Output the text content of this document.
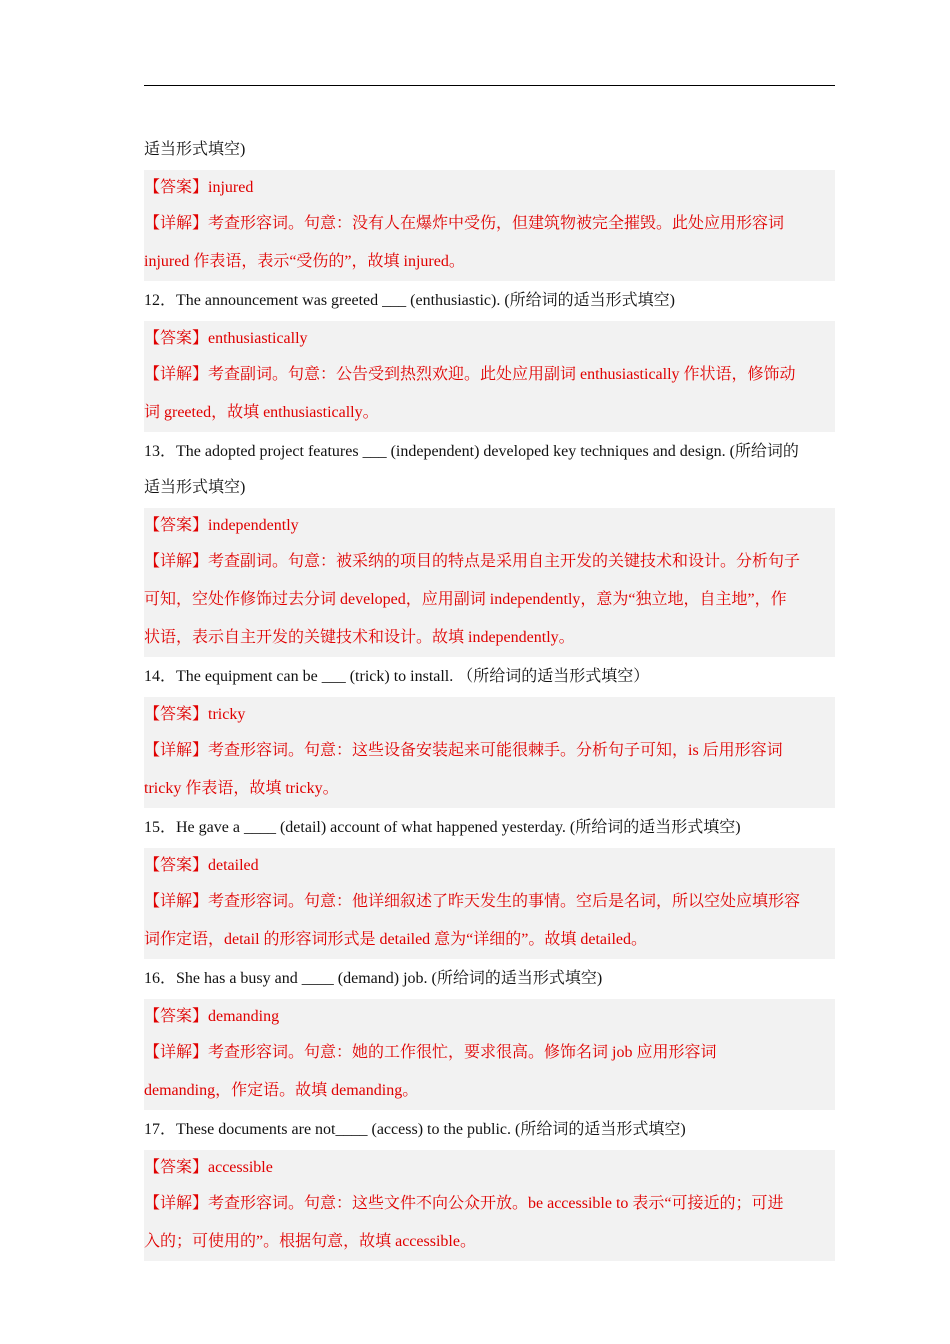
适当形式填空)
【答案】injured
【详解】考查形容词。句意：没有人在爆炸中受伤，但建筑物被完全摧毁。此处应用形容词
injured 作表语，表示“受伤的”，故填 injured。
12．The announcement was greeted ___ (enthusiastic). (所给词的适当形式填空)
【答案】enthusiastically
【详解】考查副词。句意：公告受到热烈欢迎。此处应用副词 enthusiastically 作状语，修饰动
词 greeted，故填 enthusiastically。
13．The adopted project features ___ (independent) developed key techniques and design. (所给词的
适当形式填空)
【答案】independently
【详解】考查副词。句意：被采纳的项目的特点是采用自主开发的关键技术和设计。分析句子
可知，空处作修饰过去分词 developed，应用副词 independently，意为“独立地，自主地”，作
状语，表示自主开发的关键技术和设计。故填 independently。
14．The equipment can be ___ (trick) to install. （所给词的适当形式填空）
【答案】tricky
【详解】考查形容词。句意：这些设备安装起来可能很棘手。分析句子可知，is 后用形容词
tricky 作表语，故填 tricky。
15．He gave a ____ (detail) account of what happened yesterday. (所给词的适当形式填空)
【答案】detailed
【详解】考查形容词。句意：他详细叙述了昨天发生的事情。空后是名词，所以空处应填形容
词作定语，detail 的形容词形式是 detailed 意为“详细的”。故填 detailed。
16．She has a busy and ____ (demand) job. (所给词的适当形式填空)
【答案】demanding
【详解】考查形容词。句意：她的工作很忙，要求很高。修饰名词 job 应用形容词
demanding，作定语。故填 demanding。
17．These documents are not____ (access) to the public. (所给词的适当形式填空)
【答案】accessible
【详解】考查形容词。句意：这些文件不向公众开放。be accessible to 表示“可接近的；可进
入的；可使用的”。根据句意，故填 accessible。
